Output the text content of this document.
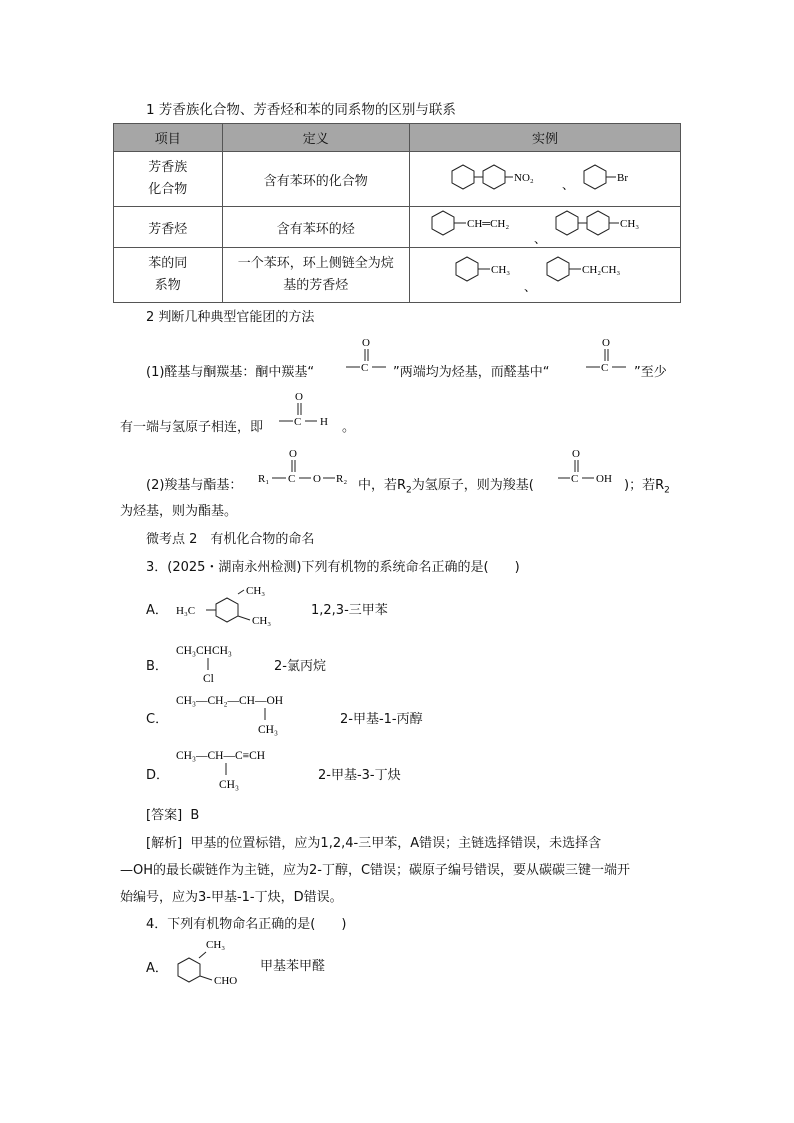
1 芳香族化合物、芳香烃和苯的同系物的区别与联系
项目	定义	实例
芳香族
化合物	含有苯环的化合物	NO₂ 、 Br

芳香烃	含有苯环的烃	CH═CH₂
、
CH₃

苯的同
系物	一个苯环，环上侧链全为烷
基的芳香烃	CH₃
、
CH₂CH₃
2 判断几种典型官能团的方法
(1)醛基与酮羰基：酮中羰基“
O
C ”两端均为烃基，而醛基中“
O
C ”至少
有一端与氢原子相连，即
O
C H 。
(2)羧基与酯基： R₁
O
C O R₂ 中，若$R_2$为氢原子，则为羧基(
O
C OH )；若$R_2$
为烃基，则为酯基。
微考点 2　有机化合物的命名
3．(2025・湖南永州检测)下列有机物的系统命名正确的是(　　)
A．
CH₃
H₃C
CH₃
1,2,3-三甲苯
B．
CH₃CHCH₃
Cl
2-氯丙烷
C．
CH₃—CH₂—CH—OH
CH₃
2-甲基-1-丙醇
D．
CH₃—CH—C≡CH
CH₃
2-甲基-3-丁炔
[答案] B
[解析] 甲基的位置标错，应为1,2,4-三甲苯，A错误；主链选择错误，未选择含
—OH的最长碳链作为主链，应为2-丁醇，C错误；碳原子编号错误，要从碳碳三键一端开
始编号，应为3-甲基-1-丁炔，D错误。
4．下列有机物命名正确的是(　　)
A．
CH₃
CHO
甲基苯甲醛
